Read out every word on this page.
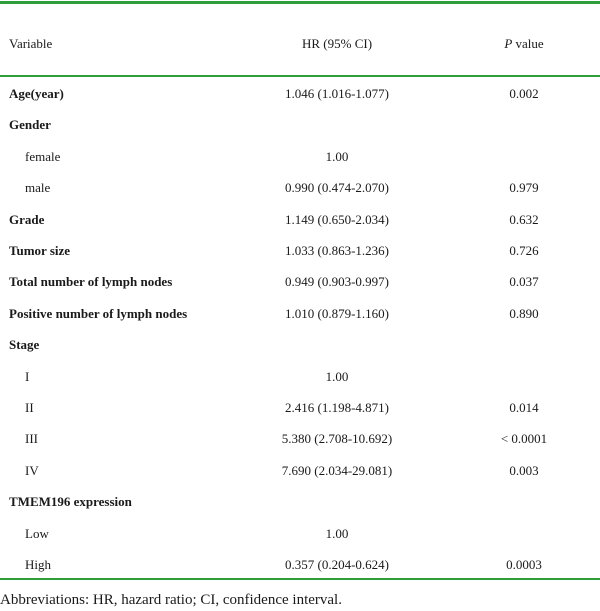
Variable	HR (95% CI)	P value
Age(year)	1.046 (1.016-1.077)	0.002
Gender
female	1.00
male	0.990 (0.474-2.070)	0.979
Grade	1.149 (0.650-2.034)	0.632
Tumor size	1.033 (0.863-1.236)	0.726
Total number of lymph nodes	0.949 (0.903-0.997)	0.037
Positive number of lymph nodes	1.010 (0.879-1.160)	0.890
Stage
I	1.00
II	2.416 (1.198-4.871)	0.014
III	5.380 (2.708-10.692)	< 0.0001
IV	7.690 (2.034-29.081)	0.003
TMEM196 expression
Low	1.00
High	0.357 (0.204-0.624)	0.0003
Abbreviations: HR, hazard ratio; CI, confidence interval.
